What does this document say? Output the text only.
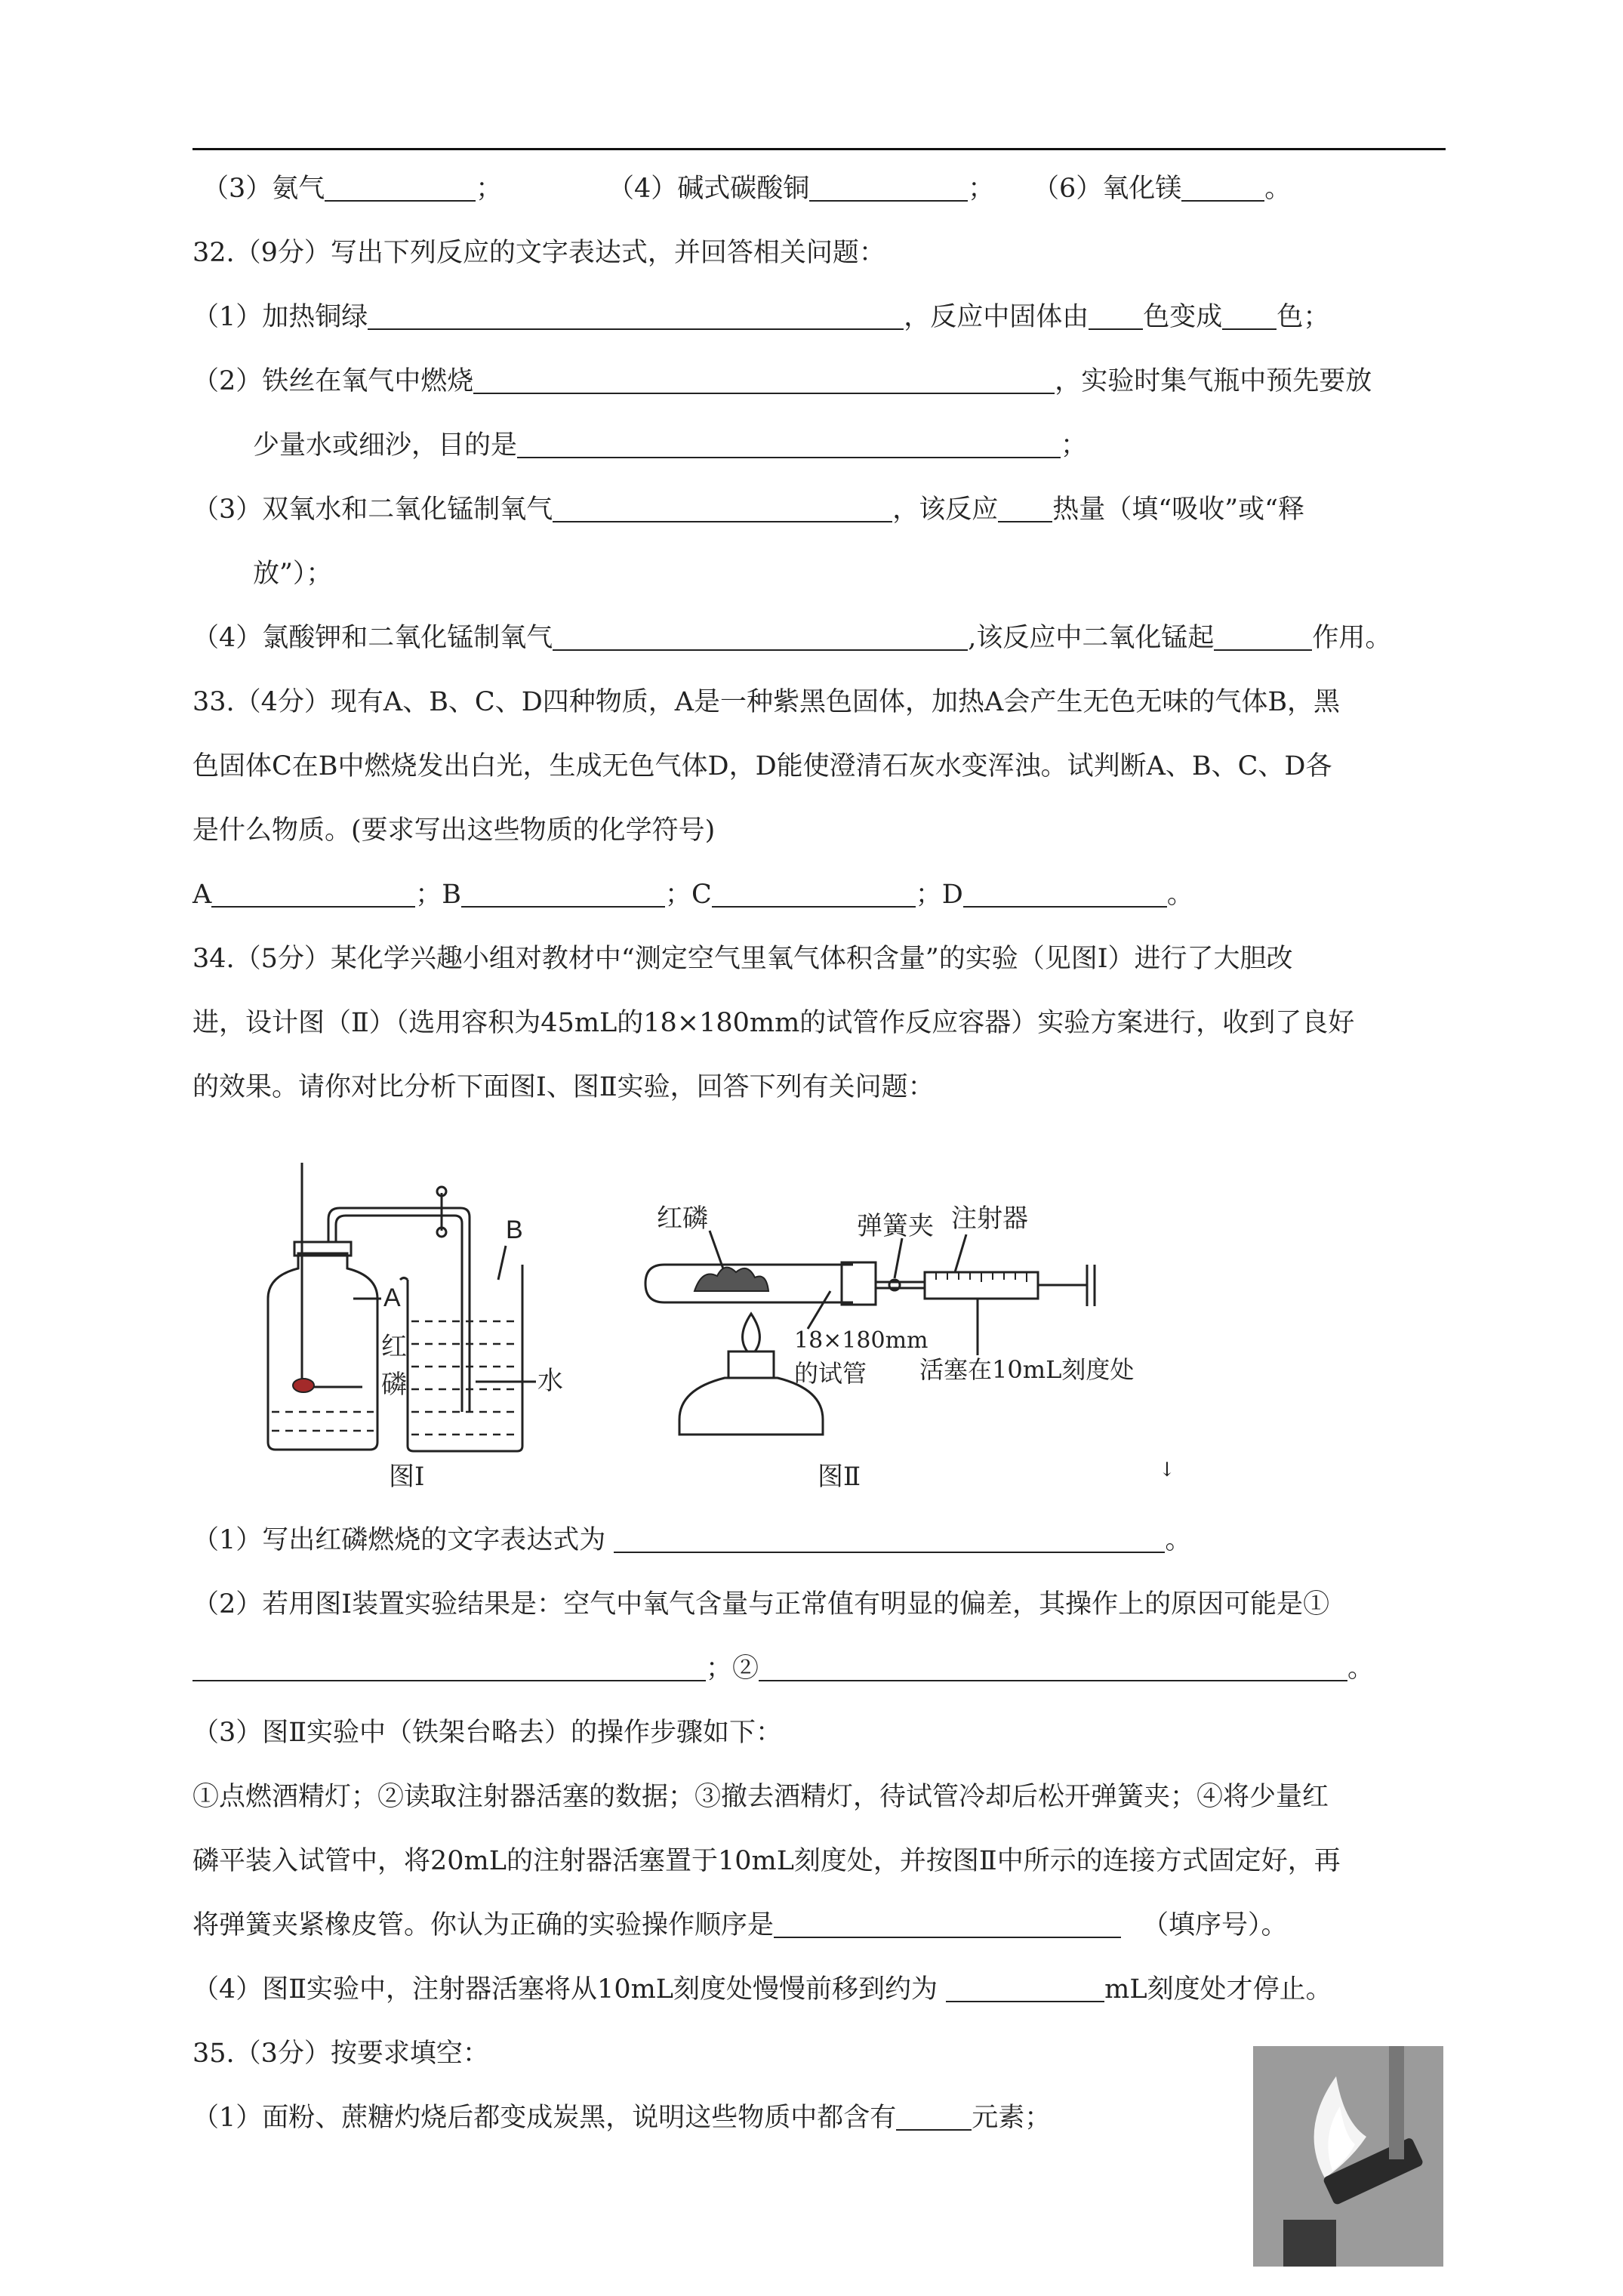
（3）氨气	；	（4）碱式碳酸铜	； （6）氧化镁	。
32.（9分）写出下列反应的文字表达式，并回答相关问题：
（1）加热铜绿	，反应中固体由 色变成 色；
（2）铁丝在氧气中燃烧	，实验时集气瓶中预先要放
少量水或细沙，目的是	；
（3）双氧水和二氧化锰制氧气	，该反应 热量（填“吸收”或“释
放”）；
（4）氯酸钾和二氧化锰制氧气	,该反应中二氧化锰起	作用。
33.（4分）现有A、B、C、D四种物质，A是一种紫黑色固体，加热A会产生无色无味的气体B，黑
色固体C在B中燃烧发出白光，生成无色气体D，D能使澄清石灰水变浑浊。试判断A、B、C、D各
是什么物质。(要求写出这些物质的化学符号)
A	；B	；C	；D	。
34.（5分）某化学兴趣小组对教材中“测定空气里氧气体积含量”的实验（见图I）进行了大胆改
进，设计图（Ⅱ）（选用容积为45mL的18×180mm的试管作反应容器）实验方案进行，收到了良好
的效果。请你对比分析下面图I、图Ⅱ实验，回答下列有关问题：
A
B
红
磷	水
图I
红磷	弹簧夹 注射器
18×180mm
的试管 活塞在10mL刻度处
图Ⅱ	↓
（1）写出红磷燃烧的文字表达式为	。
（2）若用图I装置实验结果是：空气中氧气含量与正常值有明显的偏差，其操作上的原因可能是①
；②	。
（3）图Ⅱ实验中（铁架台略去）的操作步骤如下：
①点燃酒精灯；②读取注射器活塞的数据；③撤去酒精灯，待试管冷却后松开弹簧夹；④将少量红
磷平装入试管中，将20mL的注射器活塞置于10mL刻度处，并按图Ⅱ中所示的连接方式固定好，再
将弹簧夹紧橡皮管。你认为正确的实验操作顺序是	（填序号）。
（4）图Ⅱ实验中，注射器活塞将从10mL刻度处慢慢前移到约为	mL刻度处才停止。
35.（3分）按要求填空：
（1）面粉、蔗糖灼烧后都变成炭黑，说明这些物质中都含有	元素；
